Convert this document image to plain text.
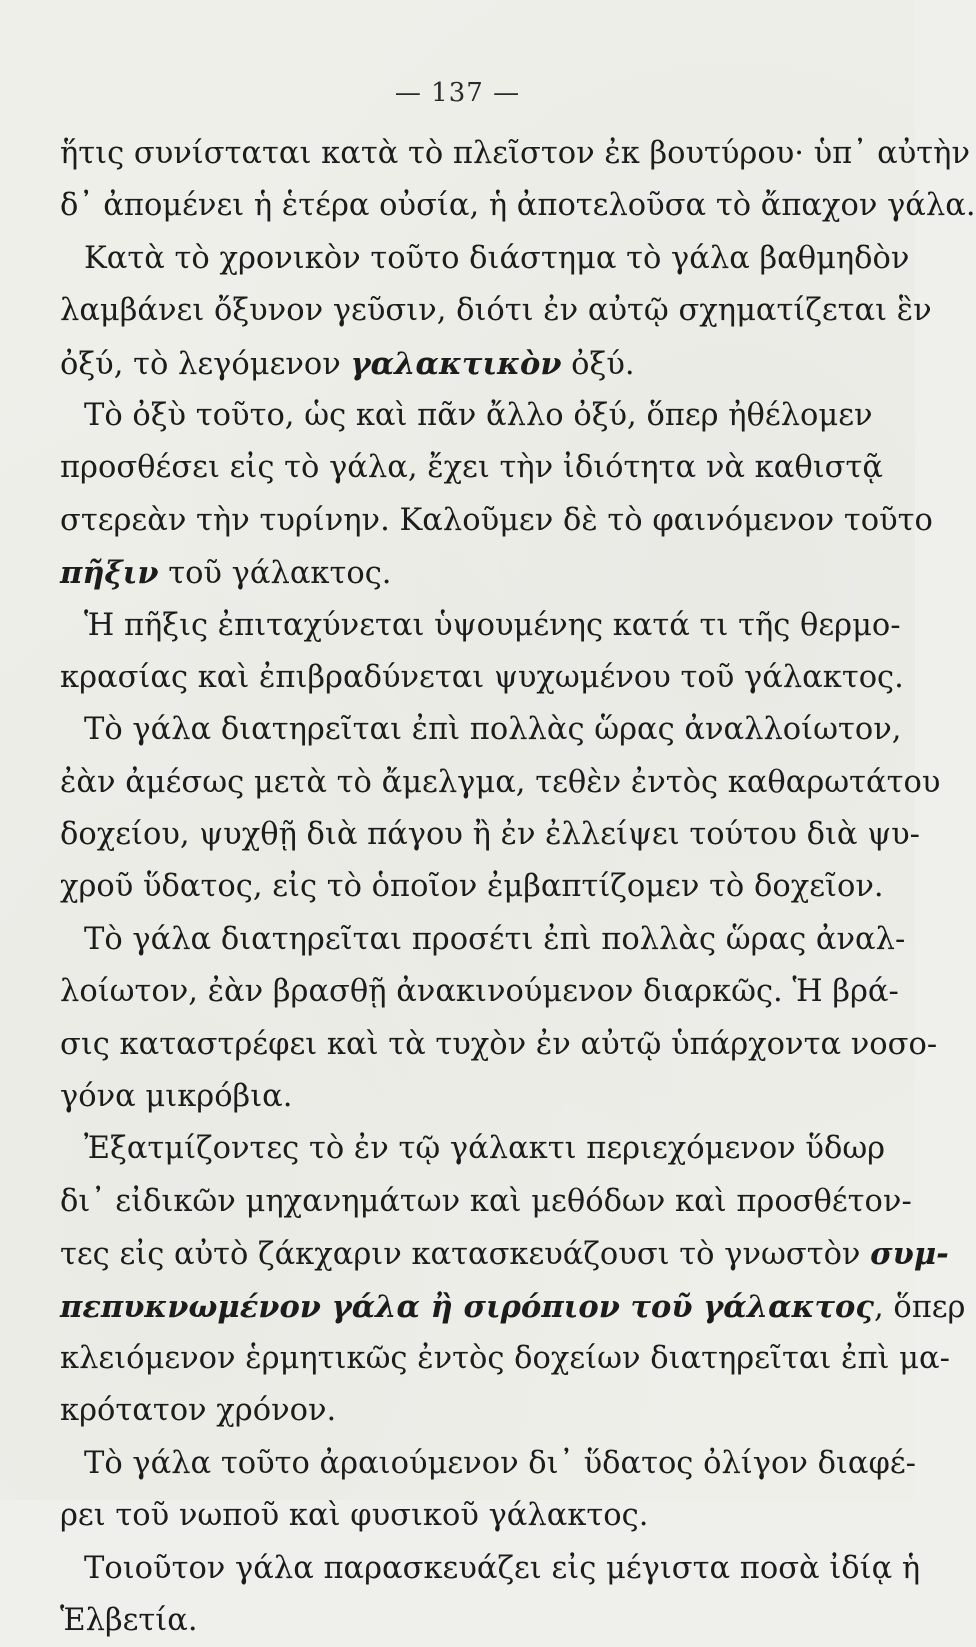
— 137 —
ἥτις συνίσταται κατὰ τὸ πλεῖστον ἐκ βουτύρου· ὑπ᾽ αὐτὴν
δ᾽ ἀπομένει ἡ ἑτέρα οὐσία, ἡ ἀποτελοῦσα τὸ ἄπαχον γάλα.
Κατὰ τὸ χρονικὸν τοῦτο διάστημα τὸ γάλα βαθμηδὸν
λαμβάνει ὄξυνον γεῦσιν, διότι ἐν αὐτῷ σχηματίζεται ἓν
ὀξύ, τὸ λεγόμενον γαλακτικὸν ὀξύ.
Τὸ ὀξὺ τοῦτο, ὡς καὶ πᾶν ἄλλο ὀξύ, ὅπερ ἠθέλομεν
προσθέσει εἰς τὸ γάλα, ἔχει τὴν ἰδιότητα νὰ καθιστᾷ
στερεὰν τὴν τυρίνην. Καλοῦμεν δὲ τὸ φαινόμενον τοῦτο
πῆξιν τοῦ γάλακτος.
Ἡ πῆξις ἐπιταχύνεται ὑψουμένης κατά τι τῆς θερμο-
κρασίας καὶ ἐπιβραδύνεται ψυχωμένου τοῦ γάλακτος.
Τὸ γάλα διατηρεῖται ἐπὶ πολλὰς ὥρας ἀναλλοίωτον,
ἐὰν ἀμέσως μετὰ τὸ ἄμελγμα, τεθὲν ἐντὸς καθαρωτάτου
δοχείου, ψυχθῇ διὰ πάγου ἢ ἐν ἐλλείψει τούτου διὰ ψυ-
χροῦ ὕδατος, εἰς τὸ ὁποῖον ἐμβαπτίζομεν τὸ δοχεῖον.
Τὸ γάλα διατηρεῖται προσέτι ἐπὶ πολλὰς ὥρας ἀναλ-
λοίωτον, ἐὰν βρασθῇ ἀνακινούμενον διαρκῶς. Ἡ βρά-
σις καταστρέφει καὶ τὰ τυχὸν ἐν αὐτῷ ὑπάρχοντα νοσο-
γόνα μικρόβια.
Ἐξατμίζοντες τὸ ἐν τῷ γάλακτι περιεχόμενον ὕδωρ
δι᾽ εἰδικῶν μηχανημάτων καὶ μεθόδων καὶ προσθέτον-
τες εἰς αὐτὸ ζάκχαριν κατασκευάζουσι τὸ γνωστὸν συμ-
πεπυκνωμένον γάλα ἢ σιρόπιον τοῦ γάλακτος, ὅπερ
κλειόμενον ἑρμητικῶς ἐντὸς δοχείων διατηρεῖται ἐπὶ μα-
κρότατον χρόνον.
Τὸ γάλα τοῦτο ἀραιούμενον δι᾽ ὕδατος ὀλίγον διαφέ-
ρει τοῦ νωποῦ καὶ φυσικοῦ γάλακτος.
Τοιοῦτον γάλα παρασκευάζει εἰς μέγιστα ποσὰ ἰδίᾳ ἡ
Ἑλβετία.
